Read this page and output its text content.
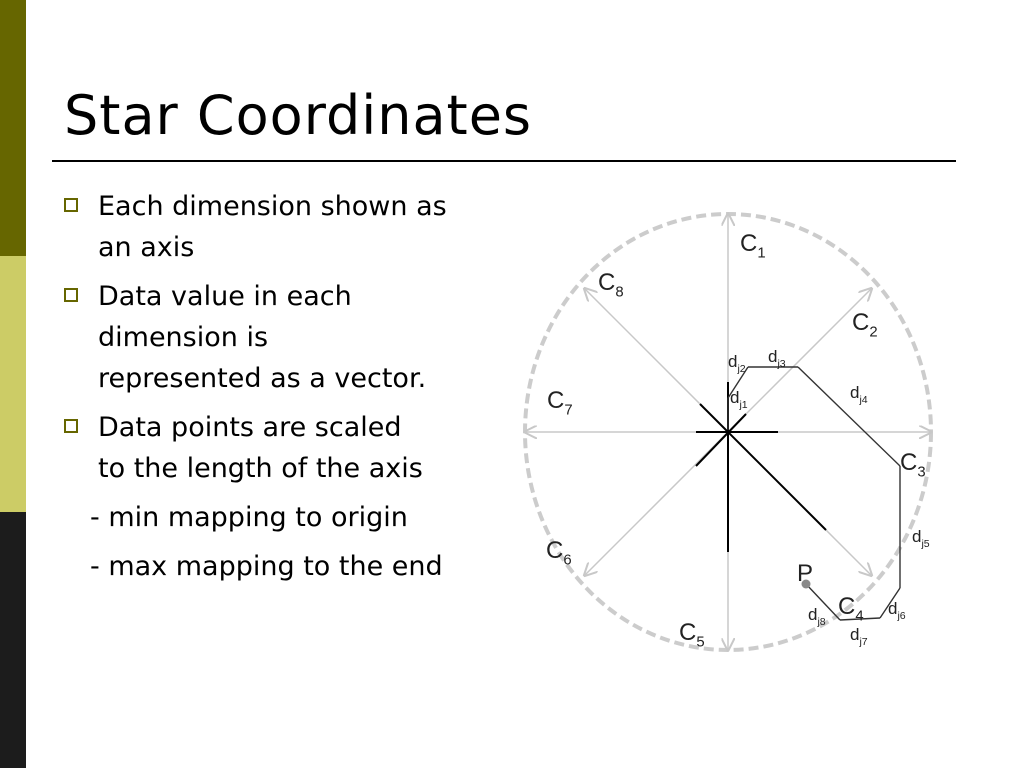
Star Coordinates
Each dimension shown as
an axis
Data value in each
dimension is
represented as a vector.
Data points are scaled
to the length of the axis
- min mapping to origin
- max mapping to the end
$C_1$
$C_2$
$C_3$
$C_4$
$C_5$
$C_6$
$C_7$
$C_8$
$d_{j1}$
$d_{j2}$
$d_{j3}$
$d_{j4}$
$d_{j5}$
$d_{j6}$
$d_{j7}$
$d_{j8}$
P
